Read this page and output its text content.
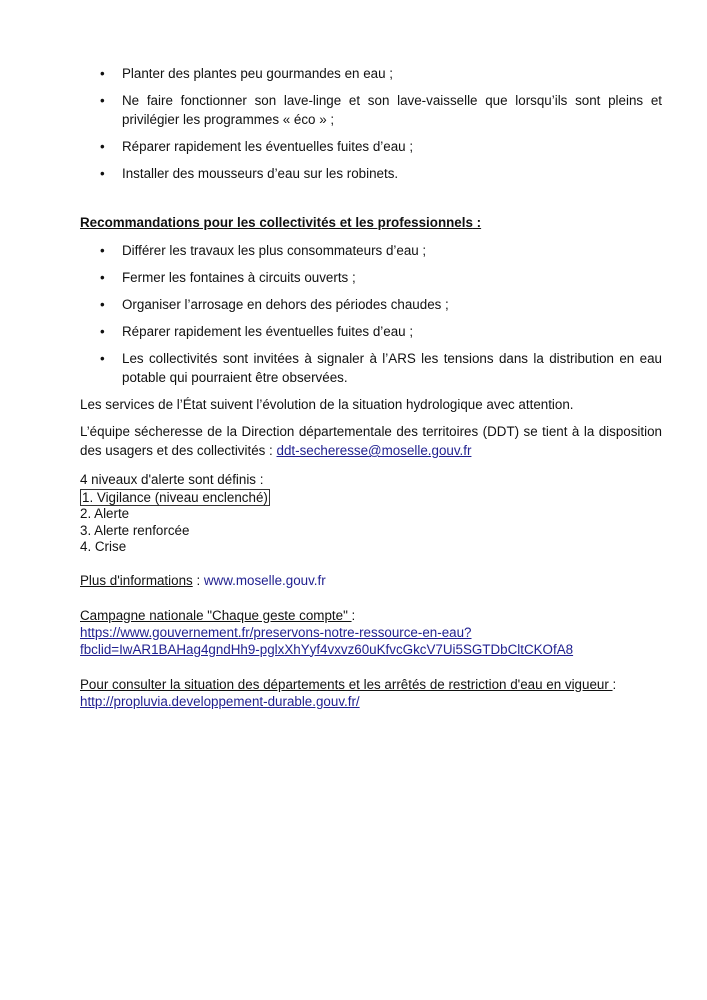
• Planter des plantes peu gourmandes en eau ;
• Ne faire fonctionner son lave-linge et son lave-vaisselle que lorsqu’ils sont pleins et privilégier les programmes « éco » ;
• Réparer rapidement les éventuelles fuites d’eau ;
• Installer des mousseurs d’eau sur les robinets.

Recommandations pour les collectivités et les professionnels :

• Différer les travaux les plus consommateurs d’eau ;
• Fermer les fontaines à circuits ouverts ;
• Organiser l’arrosage en dehors des périodes chaudes ;
• Réparer rapidement les éventuelles fuites d’eau ;
• Les collectivités sont invitées à signaler à l’ARS les tensions dans la distribution en eau potable qui pourraient être observées.

Les services de l’État suivent l’évolution de la situation hydrologique avec attention.

L’équipe sécheresse de la Direction départementale des territoires (DDT) se tient à la disposition des usagers et des collectivités : ddt-secheresse@moselle.gouv.fr

4 niveaux d'alerte sont définis :
1. Vigilance (niveau enclenché)
2. Alerte
3. Alerte renforcée
4. Crise
Plus d'informations : www.moselle.gouv.fr
Campagne nationale "Chaque geste compte" :
https://www.gouvernement.fr/preservons-notre-ressource-en-eau?
fbclid=IwAR1BAHag4gndHh9-pglxXhYyf4vxvz60uKfvcGkcV7Ui5SGTDbCltCKOfA8
Pour consulter la situation des départements et les arrêtés de restriction d'eau en vigueur :
http://propluvia.developpement-durable.gouv.fr/
